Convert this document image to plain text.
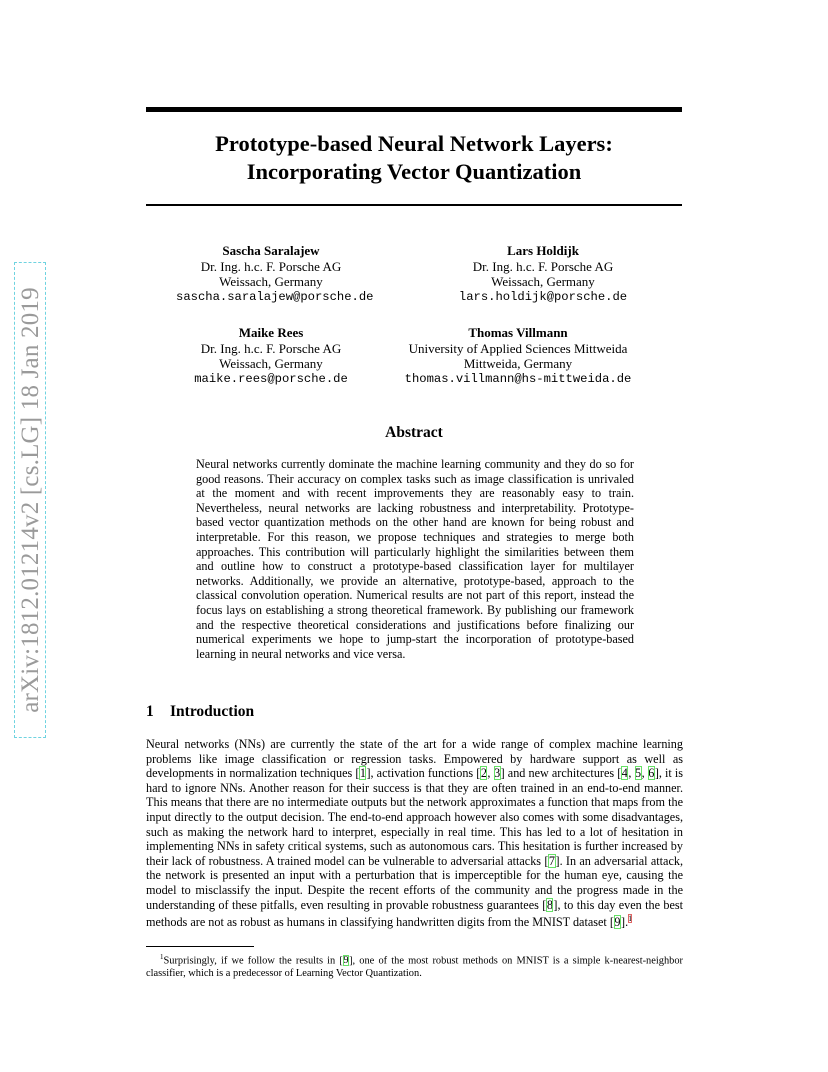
arXiv:1812.01214v2 [cs.LG] 18 Jan 2019
Prototype-based Neural Network Layers:
Incorporating Vector Quantization
Sascha Saralajew
Dr. Ing. h.c. F. Porsche AG
Weissach, Germany
sascha.saralajew@porsche.de
Lars Holdijk
Dr. Ing. h.c. F. Porsche AG
Weissach, Germany
lars.holdijk@porsche.de
Maike Rees
Dr. Ing. h.c. F. Porsche AG
Weissach, Germany
maike.rees@porsche.de
Thomas Villmann
University of Applied Sciences Mittweida
Mittweida, Germany
thomas.villmann@hs-mittweida.de
Abstract
Neural networks currently dominate the machine learning community and they do so for good reasons. Their accuracy on complex tasks such as image classification is unrivaled at the moment and with recent improvements they are reasonably easy to train. Nevertheless, neural networks are lacking robustness and interpretability. Prototype-based vector quantization methods on the other hand are known for being robust and interpretable. For this reason, we propose techniques and strategies to merge both approaches. This contribution will particularly highlight the similarities between them and outline how to construct a prototype-based classification layer for multilayer networks. Additionally, we provide an alternative, prototype-based, approach to the classical convolution operation. Numerical results are not part of this report, instead the focus lays on establishing a strong theoretical framework. By publishing our framework and the respective theoretical considerations and justifications before finalizing our numerical experiments we hope to jump-start the incorporation of prototype-based learning in neural networks and vice versa.
1 Introduction
Neural networks (NNs) are currently the state of the art for a wide range of complex machine learning problems like image classification or regression tasks. Empowered by hardware support as well as developments in normalization techniques [1], activation functions [2, 3] and new architectures [4, 5, 6], it is hard to ignore NNs. Another reason for their success is that they are often trained in an end-to-end manner. This means that there are no intermediate outputs but the network approximates a function that maps from the input directly to the output decision. The end-to-end approach however also comes with some disadvantages, such as making the network hard to interpret, especially in real time. This has led to a lot of hesitation in implementing NNs in safety critical systems, such as autonomous cars. This hesitation is further increased by their lack of robustness. A trained model can be vulnerable to adversarial attacks [7]. In an adversarial attack, the network is presented an input with a perturbation that is imperceptible for the human eye, causing the model to misclassify the input. Despite the recent efforts of the community and the progress made in the understanding of these pitfalls, even resulting in provable robustness guarantees [8], to this day even the best methods are not as robust as humans in classifying handwritten digits from the MNIST dataset [9].$^1$
$^1$Surprisingly, if we follow the results in [9], one of the most robust methods on MNIST is a simple k-nearest-neighbor classifier, which is a predecessor of Learning Vector Quantization.
